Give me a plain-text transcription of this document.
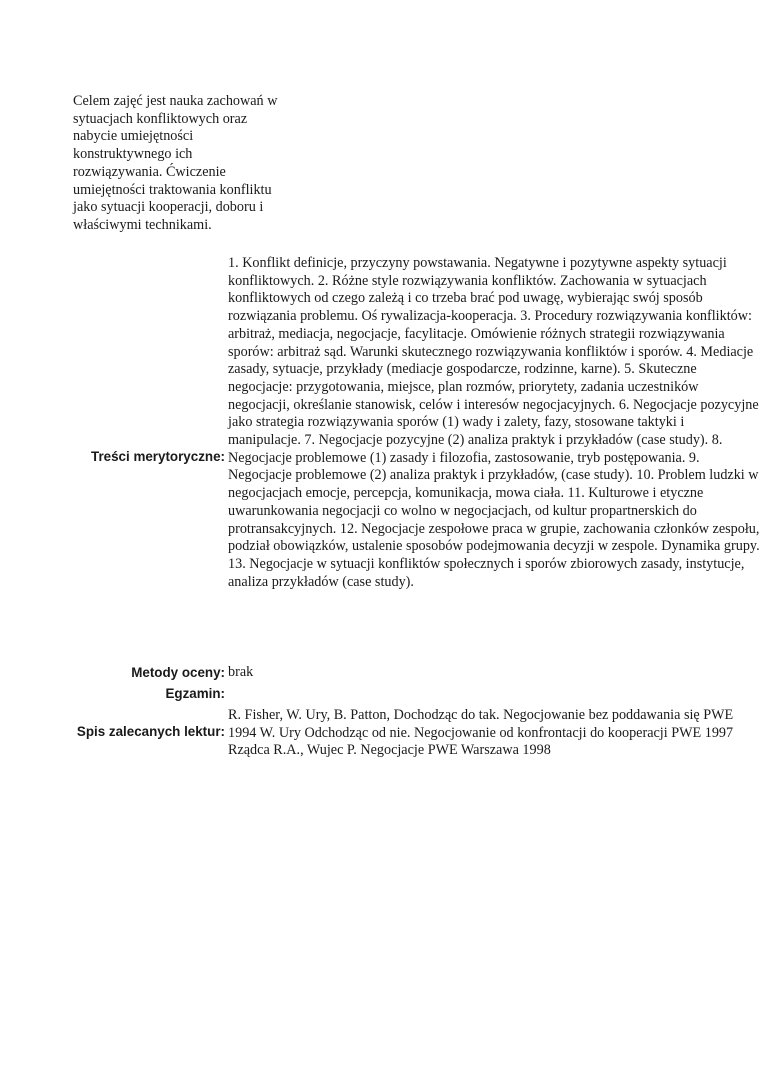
Celem zajęć jest nauka zachowań w sytuacjach konfliktowych oraz nabycie umiejętności konstruktywnego ich rozwiązywania. Ćwiczenie umiejętności traktowania konfliktu jako sytuacji kooperacji, doboru i właściwymi technikami.
Treści merytoryczne:
1. Konflikt definicje, przyczyny powstawania. Negatywne i pozytywne aspekty sytuacji konfliktowych. 2. Różne style rozwiązywania konfliktów. Zachowania w sytuacjach konfliktowych od czego zależą i co trzeba brać pod uwagę, wybierając swój sposób rozwiązania problemu. Oś rywalizacja-kooperacja. 3. Procedury rozwiązywania konfliktów: arbitraż, mediacja, negocjacje, facylitacje. Omówienie różnych strategii rozwiązywania sporów: arbitraż sąd. Warunki skutecznego rozwiązywania konfliktów i sporów. 4. Mediacje zasady, sytuacje, przykłady (mediacje gospodarcze, rodzinne, karne). 5. Skuteczne negocjacje: przygotowania, miejsce, plan rozmów, priorytety, zadania uczestników negocjacji, określanie stanowisk, celów i interesów negocjacyjnych. 6. Negocjacje pozycyjne jako strategia rozwiązywania sporów (1) wady i zalety, fazy, stosowane taktyki i manipulacje. 7. Negocjacje pozycyjne (2) analiza praktyk i przykładów (case study). 8. Negocjacje problemowe (1) zasady i filozofia, zastosowanie, tryb postępowania. 9. Negocjacje problemowe (2) analiza praktyk i przykładów, (case study). 10. Problem ludzki w negocjacjach emocje, percepcja, komunikacja, mowa ciała. 11. Kulturowe i etyczne uwarunkowania negocjacji co wolno w negocjacjach, od kultur propartnerskich do protransakcyjnych. 12. Negocjacje zespołowe praca w grupie, zachowania członków zespołu, podział obowiązków, ustalenie sposobów podejmowania decyzji w zespole. Dynamika grupy. 13. Negocjacje w sytuacji konfliktów społecznych i sporów zbiorowych zasady, instytucje, analiza przykładów (case study).
Metody oceny: brak
Egzamin:
Spis zalecanych lektur:
R. Fisher, W. Ury, B. Patton, Dochodząc do tak. Negocjowanie bez poddawania się PWE 1994 W. Ury Odchodząc od nie. Negocjowanie od konfrontacji do kooperacji PWE 1997 Rządca R.A., Wujec P. Negocjacje PWE Warszawa 1998
